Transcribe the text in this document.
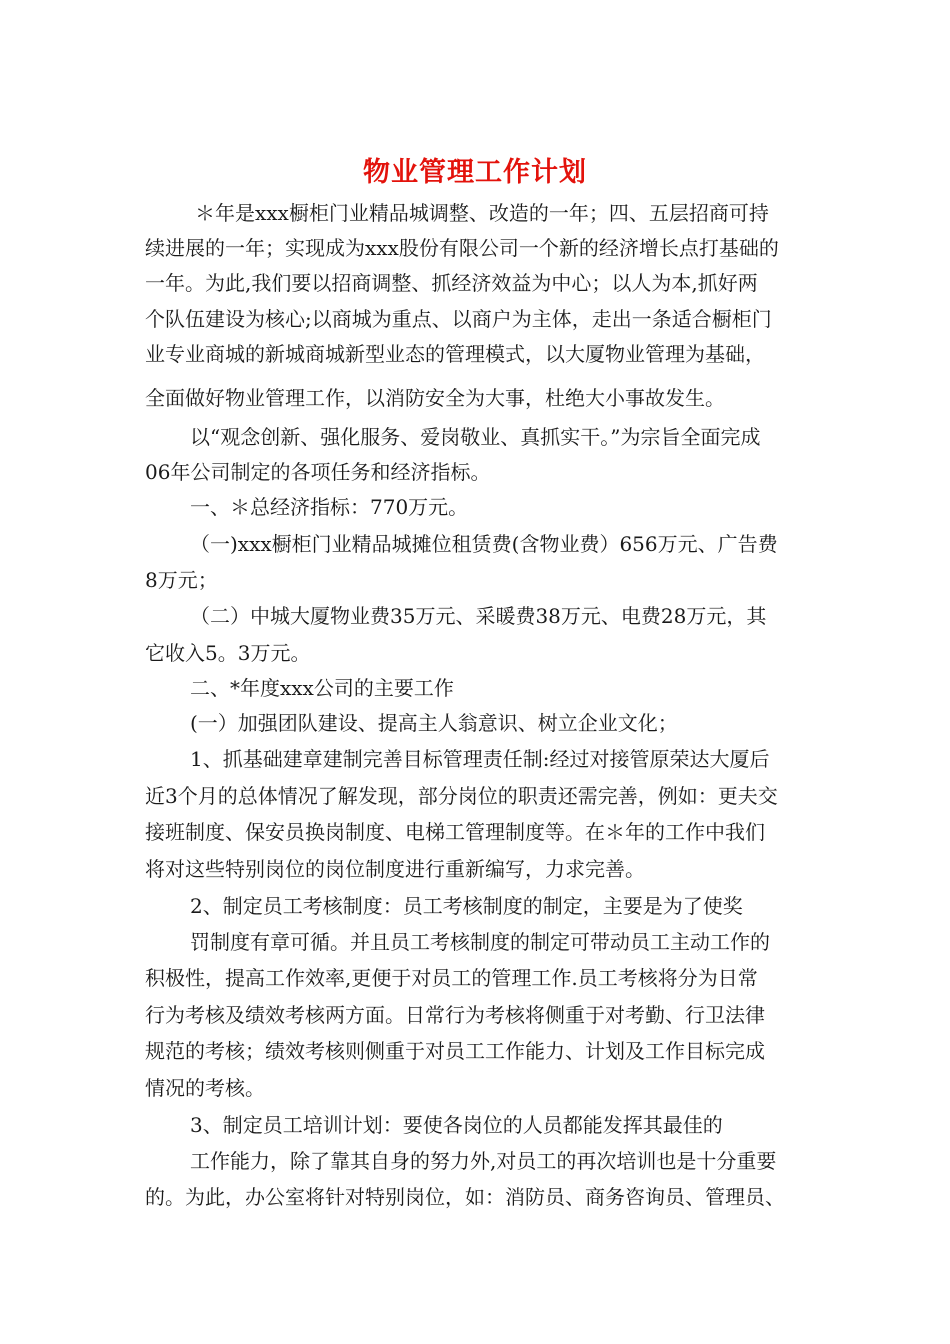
物业管理工作计划
＊年是xxx橱柜门业精品城调整、改造的一年；四、五层招商可持
续进展的一年；实现成为xxx股份有限公司一个新的经济增长点打基础的
一年。为此,我们要以招商调整、抓经济效益为中心；以人为本,抓好两
个队伍建设为核心;以商城为重点、以商户为主体，走出一条适合橱柜门
业专业商城的新城商城新型业态的管理模式，以大厦物业管理为基础，
全面做好物业管理工作，以消防安全为大事，杜绝大小事故发生。
以“观念创新、强化服务、爱岗敬业、真抓实干。”为宗旨全面完成
06年公司制定的各项任务和经济指标。
一、＊总经济指标：770万元。
（一)xxx橱柜门业精品城摊位租赁费(含物业费）656万元、广告费
8万元；
（二）中城大厦物业费35万元、采暖费38万元、电费28万元，其
它收入5。3万元。
二、*年度xxx公司的主要工作
(一）加强团队建设、提高主人翁意识、树立企业文化；
1、抓基础建章建制完善目标管理责任制:经过对接管原荣达大厦后
近3个月的总体情况了解发现，部分岗位的职责还需完善，例如：更夫交
接班制度、保安员换岗制度、电梯工管理制度等。在＊年的工作中我们
将对这些特别岗位的岗位制度进行重新编写，力求完善。
2、制定员工考核制度：员工考核制度的制定，主要是为了使奖
罚制度有章可循。并且员工考核制度的制定可带动员工主动工作的
积极性，提高工作效率,更便于对员工的管理工作.员工考核将分为日常
行为考核及绩效考核两方面。日常行为考核将侧重于对考勤、行卫法律
规范的考核；绩效考核则侧重于对员工工作能力、计划及工作目标完成
情况的考核。
3、制定员工培训计划：要使各岗位的人员都能发挥其最佳的
工作能力，除了靠其自身的努力外,对员工的再次培训也是十分重要
的。为此，办公室将针对特别岗位，如：消防员、商务咨询员、管理员、
